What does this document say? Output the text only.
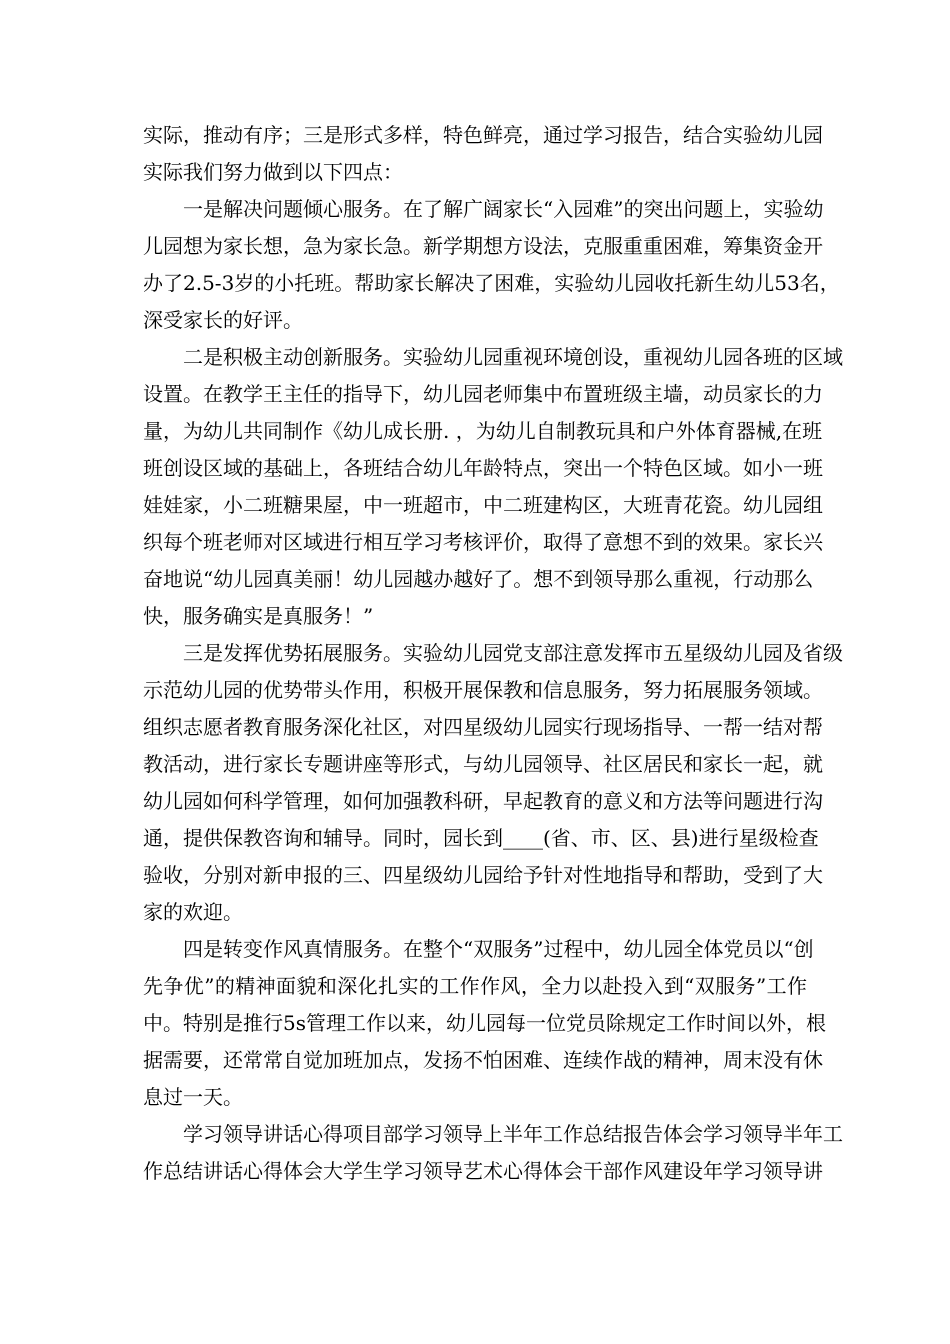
实际，推动有序；三是形式多样，特色鲜亮，通过学习报告，结合实验幼儿园
实际我们努力做到以下四点：
一是解决问题倾心服务。在了解广阔家长“入园难”的突出问题上，实验幼
儿园想为家长想，急为家长急。新学期想方设法，克服重重困难，筹集资金开
办了2.5-3岁的小托班。帮助家长解决了困难，实验幼儿园收托新生幼儿53名，
深受家长的好评。
二是积极主动创新服务。实验幼儿园重视环境创设，重视幼儿园各班的区域
设置。在教学王主任的指导下，幼儿园老师集中布置班级主墙，动员家长的力
量，为幼儿共同制作《幼儿成长册. ，为幼儿自制教玩具和户外体育器械,在班
班创设区域的基础上，各班结合幼儿年龄特点，突出一个特色区域。如小一班
娃娃家，小二班糖果屋，中一班超市，中二班建构区，大班青花瓷。幼儿园组
织每个班老师对区域进行相互学习考核评价，取得了意想不到的效果。家长兴
奋地说“幼儿园真美丽！幼儿园越办越好了。想不到领导那么重视，行动那么
快，服务确实是真服务！”
三是发挥优势拓展服务。实验幼儿园党支部注意发挥市五星级幼儿园及省级
示范幼儿园的优势带头作用，积极开展保教和信息服务，努力拓展服务领域。
组织志愿者教育服务深化社区，对四星级幼儿园实行现场指导、一帮一结对帮
教活动，进行家长专题讲座等形式，与幼儿园领导、社区居民和家长一起，就
幼儿园如何科学管理，如何加强教科研，早起教育的意义和方法等问题进行沟
通，提供保教咨询和辅导。同时，园长到____(省、市、区、县)进行星级检查
验收，分别对新申报的三、四星级幼儿园给予针对性地指导和帮助，受到了大
家的欢迎。
四是转变作风真情服务。在整个“双服务”过程中，幼儿园全体党员以“创
先争优”的精神面貌和深化扎实的工作作风，全力以赴投入到“双服务”工作
中。特别是推行5s管理工作以来，幼儿园每一位党员除规定工作时间以外，根
据需要，还常常自觉加班加点，发扬不怕困难、连续作战的精神，周末没有休
息过一天。
学习领导讲话心得项目部学习领导上半年工作总结报告体会学习领导半年工
作总结讲话心得体会大学生学习领导艺术心得体会干部作风建设年学习领导讲
